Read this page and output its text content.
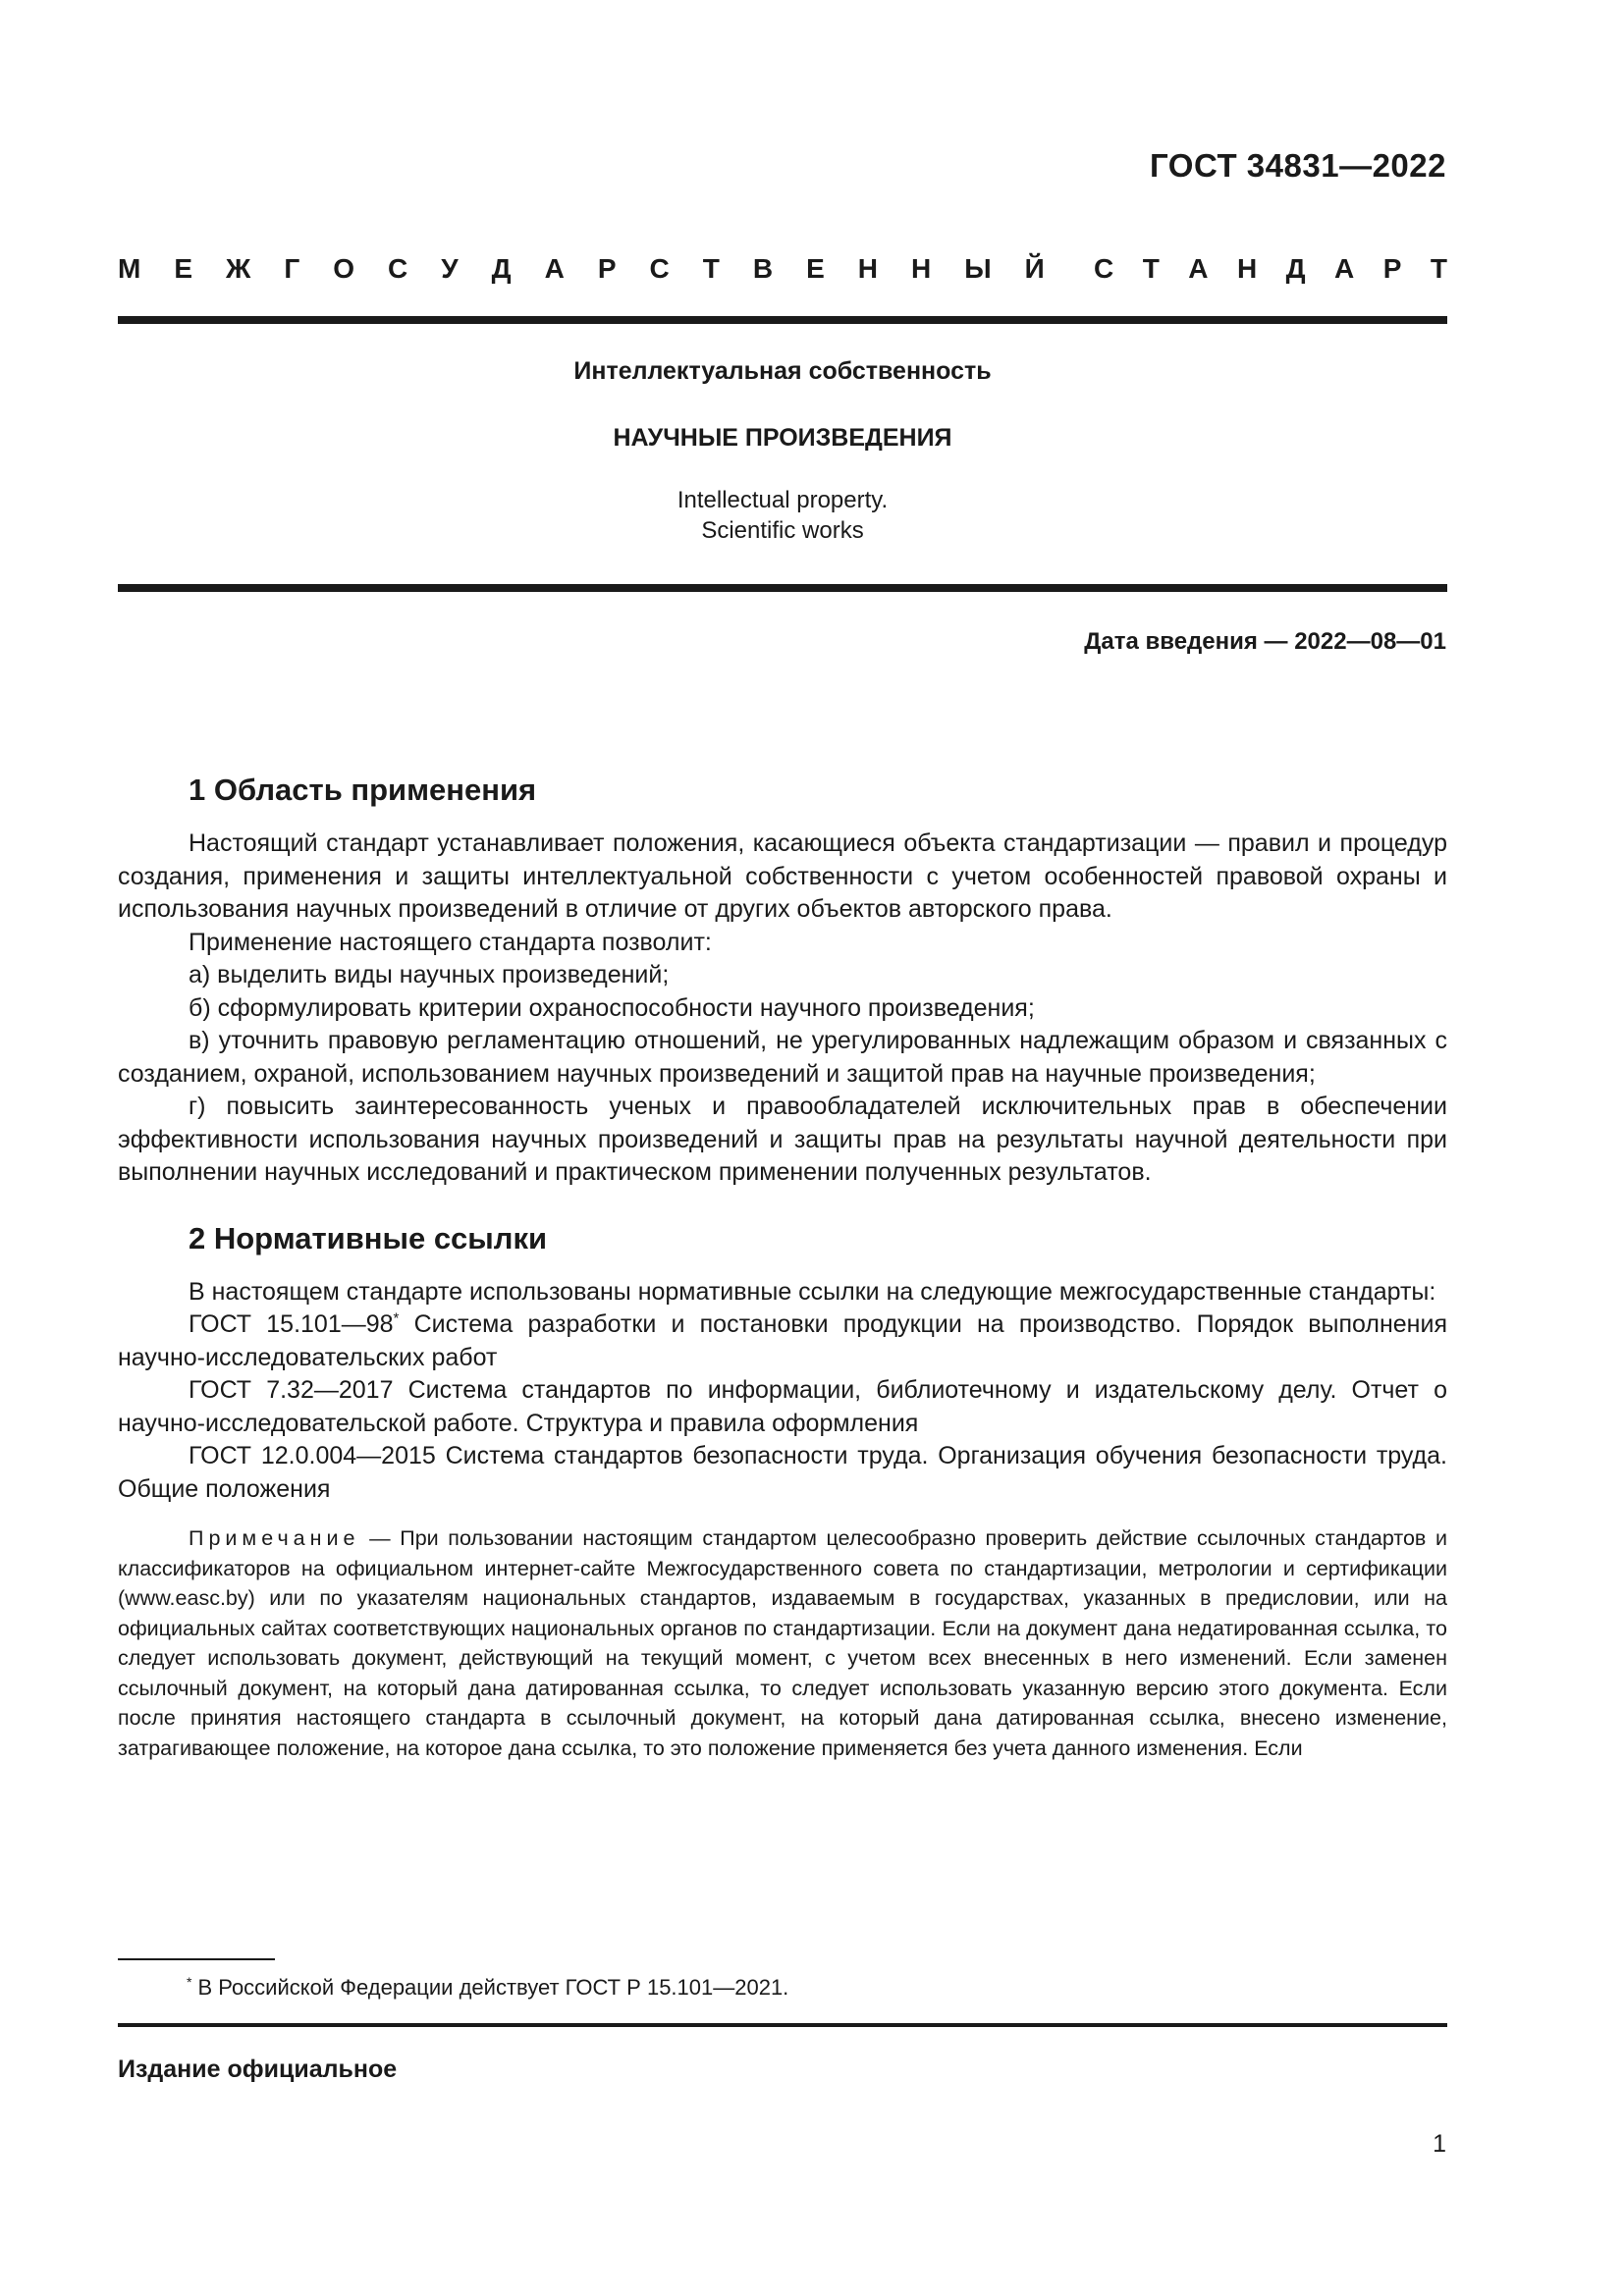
ГОСТ 34831—2022
М Е Ж Г О С У Д А Р С Т В Е Н Н Ы Й С Т А Н Д А Р Т
Интеллектуальная собственность
НАУЧНЫЕ ПРОИЗВЕДЕНИЯ
Intellectual property.
Scientific works
Дата введения — 2022—08—01
1 Область применения

Настоящий стандарт устанавливает положения, касающиеся объекта стандартизации — правил и процедур создания, применения и защиты интеллектуальной собственности с учетом особенностей правовой охраны и использования научных произведений в отличие от других объектов авторского права.

Применение настоящего стандарта позволит:

а) выделить виды научных произведений;

б) сформулировать критерии охраноспособности научного произведения;

в) уточнить правовую регламентацию отношений, не урегулированных надлежащим образом и связанных с созданием, охраной, использованием научных произведений и защитой прав на научные произведения;

г) повысить заинтересованность ученых и правообладателей исключительных прав в обеспечении эффективности использования научных произведений и защиты прав на результаты научной деятельности при выполнении научных исследований и практическом применении полученных результатов.

2 Нормативные ссылки

В настоящем стандарте использованы нормативные ссылки на следующие межгосударственные стандарты:

ГОСТ 15.101—98* Система разработки и постановки продукции на производство. Порядок выполнения научно-исследовательских работ

ГОСТ 7.32—2017 Система стандартов по информации, библиотечному и издательскому делу. Отчет о научно-исследовательской работе. Структура и правила оформления

ГОСТ 12.0.004—2015 Система стандартов безопасности труда. Организация обучения безопасности труда. Общие положения

Примечание — При пользовании настоящим стандартом целесообразно проверить действие ссылочных стандартов и классификаторов на официальном интернет-сайте Межгосударственного совета по стандартизации, метрологии и сертификации (www.easc.by) или по указателям национальных стандартов, издаваемым в государствах, указанных в предисловии, или на официальных сайтах соответствующих национальных органов по стандартизации. Если на документ дана недатированная ссылка, то следует использовать документ, действующий на текущий момент, с учетом всех внесенных в него изменений. Если заменен ссылочный документ, на который дана датированная ссылка, то следует использовать указанную версию этого документа. Если после принятия настоящего стандарта в ссылочный документ, на который дана датированная ссылка, внесено изменение, затрагивающее положение, на которое дана ссылка, то это положение применяется без учета данного изменения. Если
* В Российской Федерации действует ГОСТ Р 15.101—2021.
Издание официальное
1
